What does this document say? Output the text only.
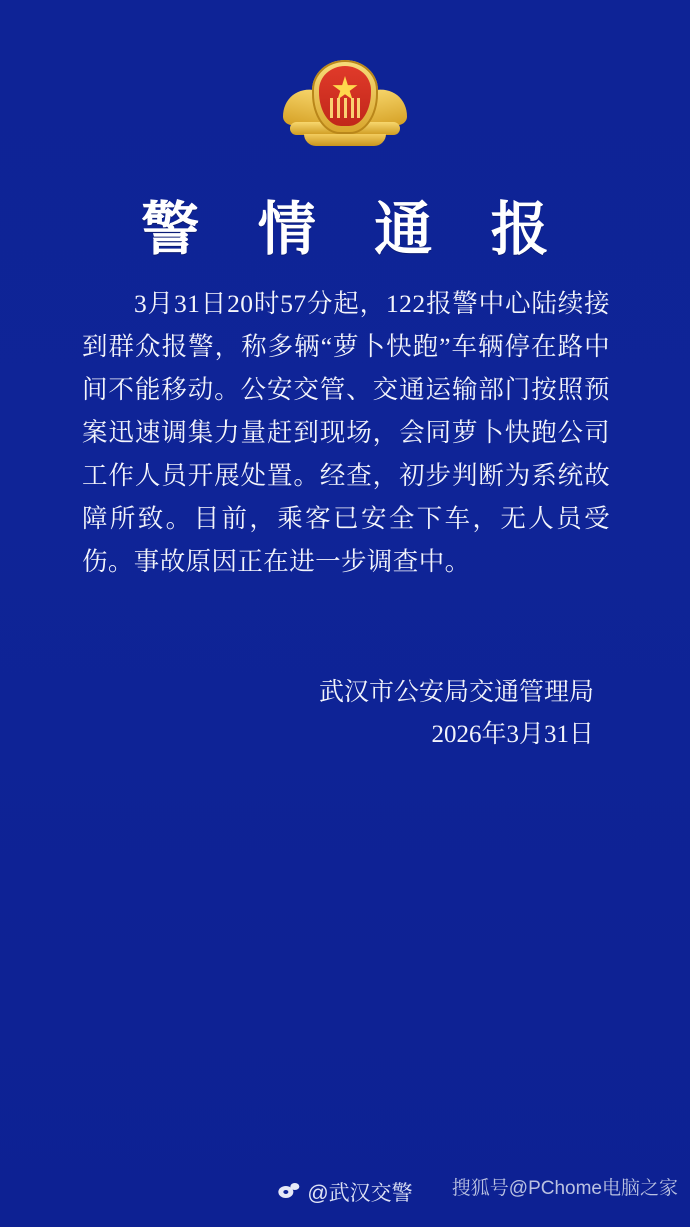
警 情 通 报
3月31日20时57分起，122报警中心陆续接到群众报警，称多辆“萝卜快跑”车辆停在路中间不能移动。公安交管、交通运输部门按照预案迅速调集力量赶到现场，会同萝卜快跑公司工作人员开展处置。经查，初步判断为系统故障所致。目前，乘客已安全下车，无人员受伤。事故原因正在进一步调查中。
武汉市公安局交通管理局
2026年3月31日
@武汉交警 搜狐号@PChome电脑之家
